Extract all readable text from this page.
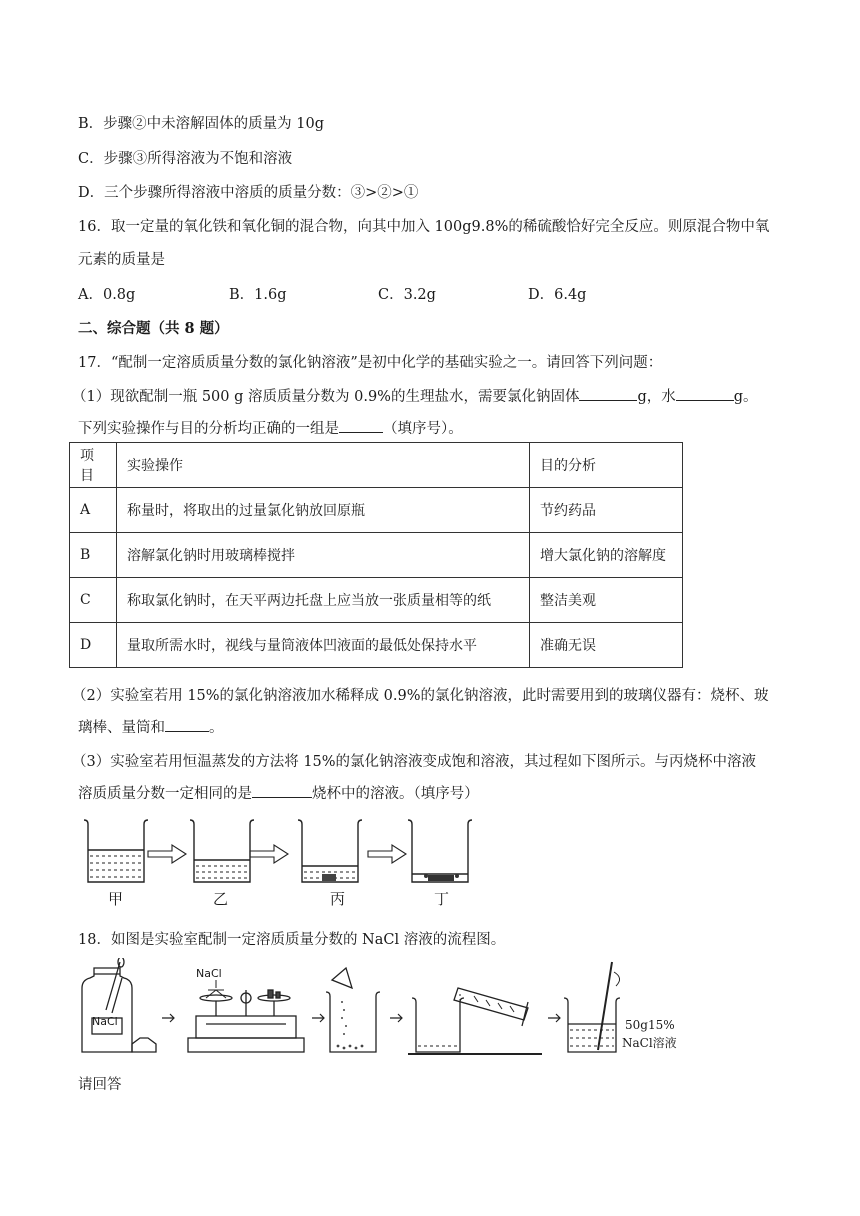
B．步骤②中未溶解固体的质量为 10g
C．步骤③所得溶液为不饱和溶液
D．三个步骤所得溶液中溶质的质量分数：③>②>①
16．取一定量的氧化铁和氧化铜的混合物，向其中加入 100g9.8%的稀硫酸恰好完全反应。则原混合物中氧
元素的质量是
A．0.8g	B．1.6g	C．3.2g	D．6.4g
二、综合题（共 8 题）
17．“配制一定溶质质量分数的氯化钠溶液”是初中化学的基础实验之一。请回答下列问题：
（1）现欲配制一瓶 500 g 溶质质量分数为 0.9%的生理盐水，需要氯化钠固体	g，水	g。
下列实验操作与目的分析均正确的一组是	（填序号）。
项目	实验操作	目的分析
A	称量时，将取出的过量氯化钠放回原瓶	节约药品
B	溶解氯化钠时用玻璃棒搅拌	增大氯化钠的溶解度
C	称取氯化钠时，在天平两边托盘上应当放一张质量相等的纸	整洁美观
D	量取所需水时，视线与量筒液体凹液面的最低处保持水平	准确无误
（2）实验室若用 15%的氯化钠溶液加水稀释成 0.9%的氯化钠溶液，此时需要用到的玻璃仪器有：烧杯、玻
璃棒、量筒和	。
（3）实验室若用恒温蒸发的方法将 15%的氯化钠溶液变成饱和溶液，其过程如下图所示。与丙烧杯中溶液
溶质质量分数一定相同的是	烧杯中的溶液。（填序号）
甲	乙	丙	丁
18．如图是实验室配制一定溶质质量分数的 NaCl 溶液的流程图。
NaCl
NaCl
50g15%
NaCl溶液
请回答
